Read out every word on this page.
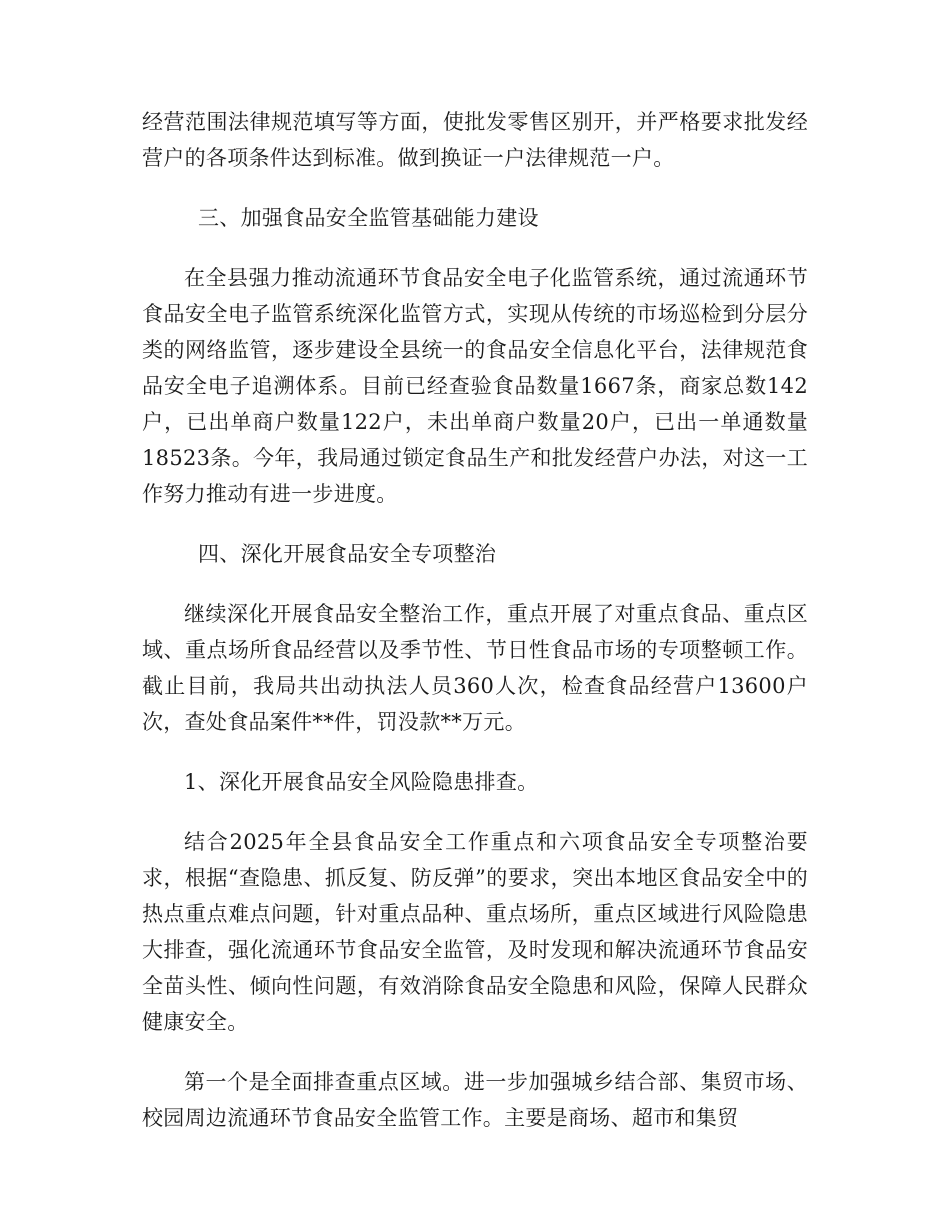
经营范围法律规范填写等方面，使批发零售区别开，并严格要求批发经营户的各项条件达到标准。做到换证一户法律规范一户。

三、加强食品安全监管基础能力建设

在全县强力推动流通环节食品安全电子化监管系统，通过流通环节食品安全电子监管系统深化监管方式，实现从传统的市场巡检到分层分类的网络监管，逐步建设全县统一的食品安全信息化平台，法律规范食品安全电子追溯体系。目前已经查验食品数量1667条，商家总数142户，已出单商户数量122户，未出单商户数量20户，已出一单通数量18523条。今年，我局通过锁定食品生产和批发经营户办法，对这一工作努力推动有进一步进度。

四、深化开展食品安全专项整治

继续深化开展食品安全整治工作，重点开展了对重点食品、重点区域、重点场所食品经营以及季节性、节日性食品市场的专项整顿工作。截止目前，我局共出动执法人员360人次，检查食品经营户13600户次，查处食品案件**件，罚没款**万元。

1、深化开展食品安全风险隐患排查。

结合2025年全县食品安全工作重点和六项食品安全专项整治要求，根据“查隐患、抓反复、防反弹”的要求，突出本地区食品安全中的热点重点难点问题，针对重点品种、重点场所，重点区域进行风险隐患大排查，强化流通环节食品安全监管，及时发现和解决流通环节食品安全苗头性、倾向性问题，有效消除食品安全隐患和风险，保障人民群众健康安全。

第一个是全面排查重点区域。进一步加强城乡结合部、集贸市场、校园周边流通环节食品安全监管工作。主要是商场、超市和集贸
